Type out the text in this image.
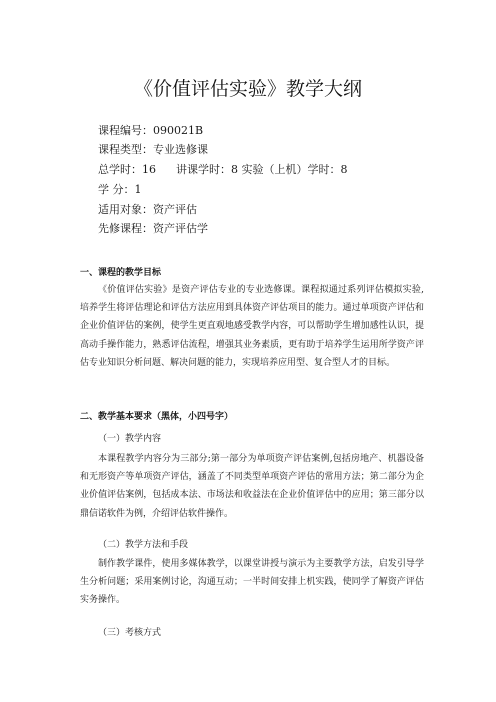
《价值评估实验》教学大纲
课程编号：090021B
课程类型：专业选修课
总学时：16 讲课学时：8 实验（上机）学时：8
学 分：1
适用对象：资产评估
先修课程：资产评估学
一、课程的教学目标
《价值评估实验》是资产评估专业的专业选修课。课程拟通过系列评估模拟实验,培养学生将评估理论和评估方法应用到具体资产评估项目的能力。通过单项资产评估和企业价值评估的案例，使学生更直观地感受教学内容，可以帮助学生增加感性认识，提高动手操作能力，熟悉评估流程，增强其业务素质，更有助于培养学生运用所学资产评估专业知识分析问题、解决问题的能力，实现培养应用型、复合型人才的目标。
二、教学基本要求（黑体，小四号字）
（一）教学内容
本课程教学内容分为三部分;第一部分为单项资产评估案例,包括房地产、机器设备和无形资产等单项资产评估，涵盖了不同类型单项资产评估的常用方法；第二部分为企业价值评估案例，包括成本法、市场法和收益法在企业价值评估中的应用；第三部分以鼎信诺软件为例，介绍评估软件操作。
（二）教学方法和手段
制作教学课件，使用多媒体教学，以课堂讲授与演示为主要教学方法，启发引导学生分析问题；采用案例讨论，沟通互动；一半时间安排上机实践，使同学了解资产评估实务操作。
（三）考核方式
